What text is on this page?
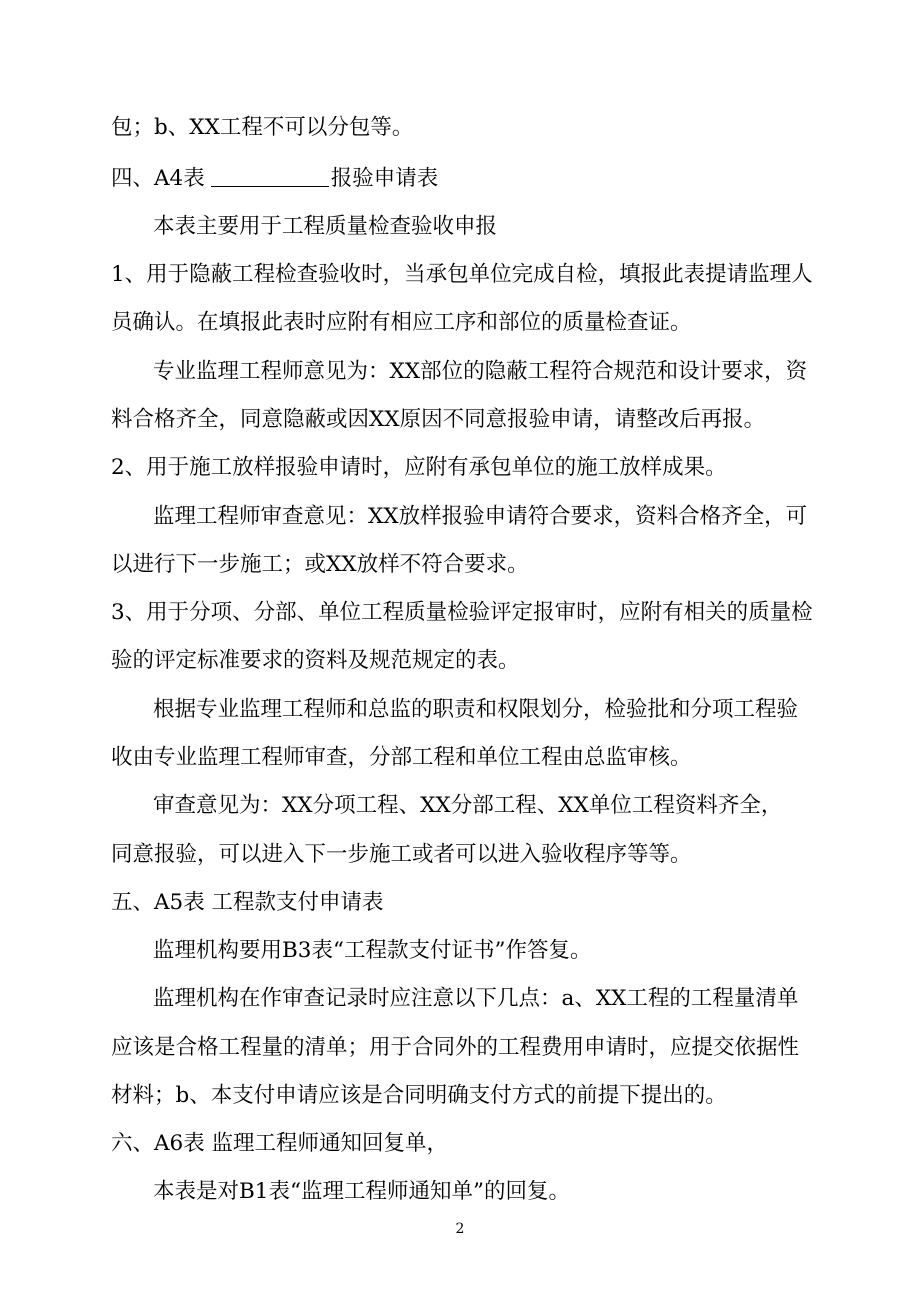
包；b、XX工程不可以分包等。
四、A4表	报验申请表
本表主要用于工程质量检查验收申报
1、用于隐蔽工程检查验收时，当承包单位完成自检，填报此表提请监理人
员确认。在填报此表时应附有相应工序和部位的质量检查证。
专业监理工程师意见为：XX部位的隐蔽工程符合规范和设计要求，资
料合格齐全，同意隐蔽或因XX原因不同意报验申请，请整改后再报。
2、用于施工放样报验申请时，应附有承包单位的施工放样成果。
监理工程师审查意见：XX放样报验申请符合要求，资料合格齐全，可
以进行下一步施工；或XX放样不符合要求。
3、用于分项、分部、单位工程质量检验评定报审时，应附有相关的质量检
验的评定标准要求的资料及规范规定的表。
根据专业监理工程师和总监的职责和权限划分，检验批和分项工程验
收由专业监理工程师审查，分部工程和单位工程由总监审核。
审查意见为：XX分项工程、XX分部工程、XX单位工程资料齐全，
同意报验，可以进入下一步施工或者可以进入验收程序等等。
五、A5表 工程款支付申请表
监理机构要用B3表“工程款支付证书”作答复。
监理机构在作审查记录时应注意以下几点：a、XX工程的工程量清单
应该是合格工程量的清单；用于合同外的工程费用申请时，应提交依据性
材料；b、本支付申请应该是合同明确支付方式的前提下提出的。
六、A6表 监理工程师通知回复单，
本表是对B1表“监理工程师通知单”的回复。
2
